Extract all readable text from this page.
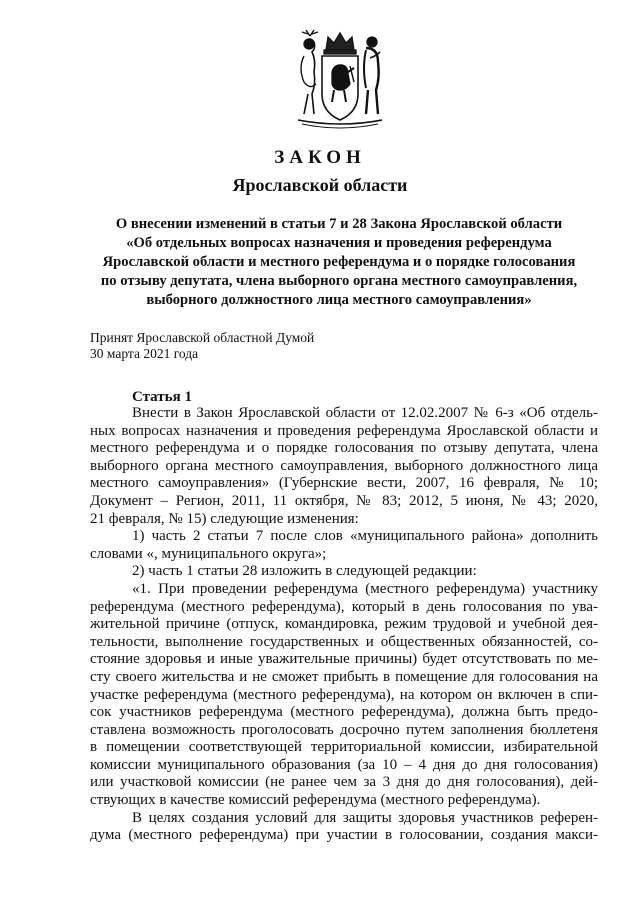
ЗАКОН
Ярославской области
О внесении изменений в статьи 7 и 28 Закона Ярославской области
«Об отдельных вопросах назначения и проведения референдума
Ярославской области и местного референдума и о порядке голосования
по отзыву депутата, члена выборного органа местного самоуправления,
выборного должностного лица местного самоуправления»
Принят Ярославской областной Думой
30 марта 2021 года
Статья 1
Внести в Закон Ярославской области от 12.02.2007 № 6-з «Об отдель-
ных вопросах назначения и проведения референдума Ярославской области и
местного референдума и о порядке голосования по отзыву депутата, члена
выборного органа местного самоуправления, выборного должностного лица
местного самоуправления» (Губернские вести, 2007, 16 февраля, № 10;
Документ – Регион, 2011, 11 октября, № 83; 2012, 5 июня, № 43; 2020,
21 февраля, № 15) следующие изменения:
1) часть 2 статьи 7 после слов «муниципального района» дополнить
словами «, муниципального округа»;
2) часть 1 статьи 28 изложить в следующей редакции:
«1. При проведении референдума (местного референдума) участнику
референдума (местного референдума), который в день голосования по ува-
жительной причине (отпуск, командировка, режим трудовой и учебной дея-
тельности, выполнение государственных и общественных обязанностей, со-
стояние здоровья и иные уважительные причины) будет отсутствовать по ме-
сту своего жительства и не сможет прибыть в помещение для голосования на
участке референдума (местного референдума), на котором он включен в спи-
сок участников референдума (местного референдума), должна быть предо-
ставлена возможность проголосовать досрочно путем заполнения бюллетеня
в помещении соответствующей территориальной комиссии, избирательной
комиссии муниципального образования (за 10 – 4 дня до дня голосования)
или участковой комиссии (не ранее чем за 3 дня до дня голосования), дей-
ствующих в качестве комиссий референдума (местного референдума).
В целях создания условий для защиты здоровья участников референ-
дума (местного референдума) при участии в голосовании, создания макси-
